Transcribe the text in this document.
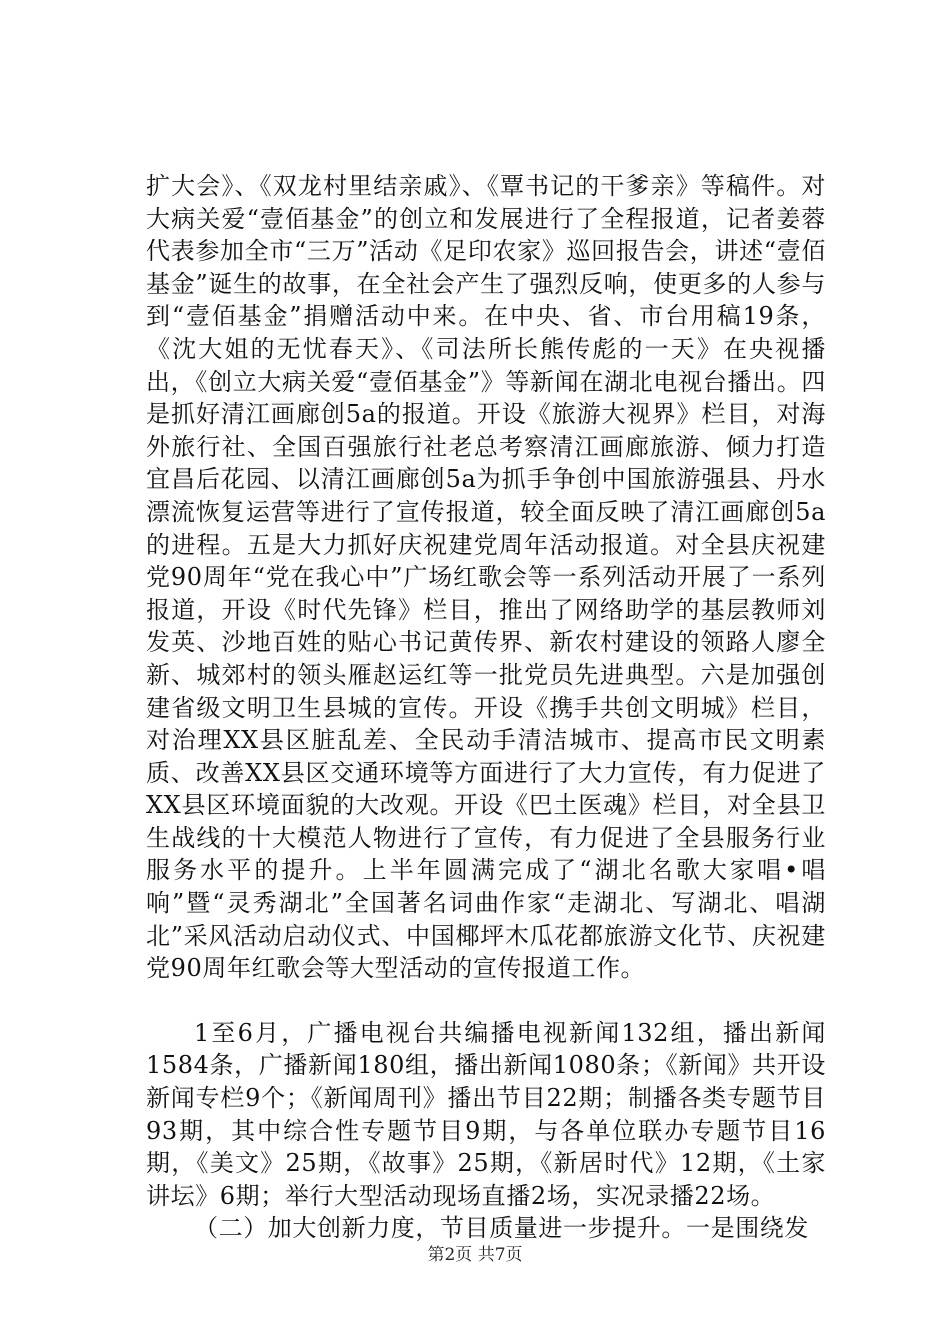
扩大会》、《双龙村里结亲戚》、《覃书记的干爹亲》等稿件。对大病关爱“壹佰基金”的创立和发展进行了全程报道，记者姜蓉代表参加全市“三万”活动《足印农家》巡回报告会，讲述“壹佰基金”诞生的故事，在全社会产生了强烈反响，使更多的人参与到“壹佰基金”捐赠活动中来。在中央、省、市台用稿19条，《沈大姐的无忧春天》、《司法所长熊传彪的一天》在央视播出，《创立大病关爱“壹佰基金”》等新闻在湖北电视台播出。四是抓好清江画廊创5a的报道。开设《旅游大视界》栏目，对海外旅行社、全国百强旅行社老总考察清江画廊旅游、倾力打造宜昌后花园、以清江画廊创5a为抓手争创中国旅游强县、丹水漂流恢复运营等进行了宣传报道，较全面反映了清江画廊创5a的进程。五是大力抓好庆祝建党周年活动报道。对全县庆祝建党90周年“党在我心中”广场红歌会等一系列活动开展了一系列报道，开设《时代先锋》栏目，推出了网络助学的基层教师刘发英、沙地百姓的贴心书记黄传界、新农村建设的领路人廖全新、城郊村的领头雁赵运红等一批党员先进典型。六是加强创建省级文明卫生县城的宣传。开设《携手共创文明城》栏目，对治理XX县区脏乱差、全民动手清洁城市、提高市民文明素质、改善XX县区交通环境等方面进行了大力宣传，有力促进了XX县区环境面貌的大改观。开设《巴土医魂》栏目，对全县卫生战线的十大模范人物进行了宣传，有力促进了全县服务行业服务水平的提升。上半年圆满完成了“湖北名歌大家唱•唱响”暨“灵秀湖北”全国著名词曲作家“走湖北、写湖北、唱湖北”采风活动启动仪式、中国椰坪木瓜花都旅游文化节、庆祝建党90周年红歌会等大型活动的宣传报道工作。

1至6月，广播电视台共编播电视新闻132组，播出新闻1584条，广播新闻180组，播出新闻1080条；《新闻》共开设新闻专栏9个；《新闻周刊》播出节目22期；制播各类专题节目93期，其中综合性专题节目9期，与各单位联办专题节目16期，《美文》25期，《故事》25期，《新居时代》12期，《土家讲坛》6期；举行大型活动现场直播2场，实况录播22场。

（二）加大创新力度，节目质量进一步提升。一是围绕发

第2页 共7页
